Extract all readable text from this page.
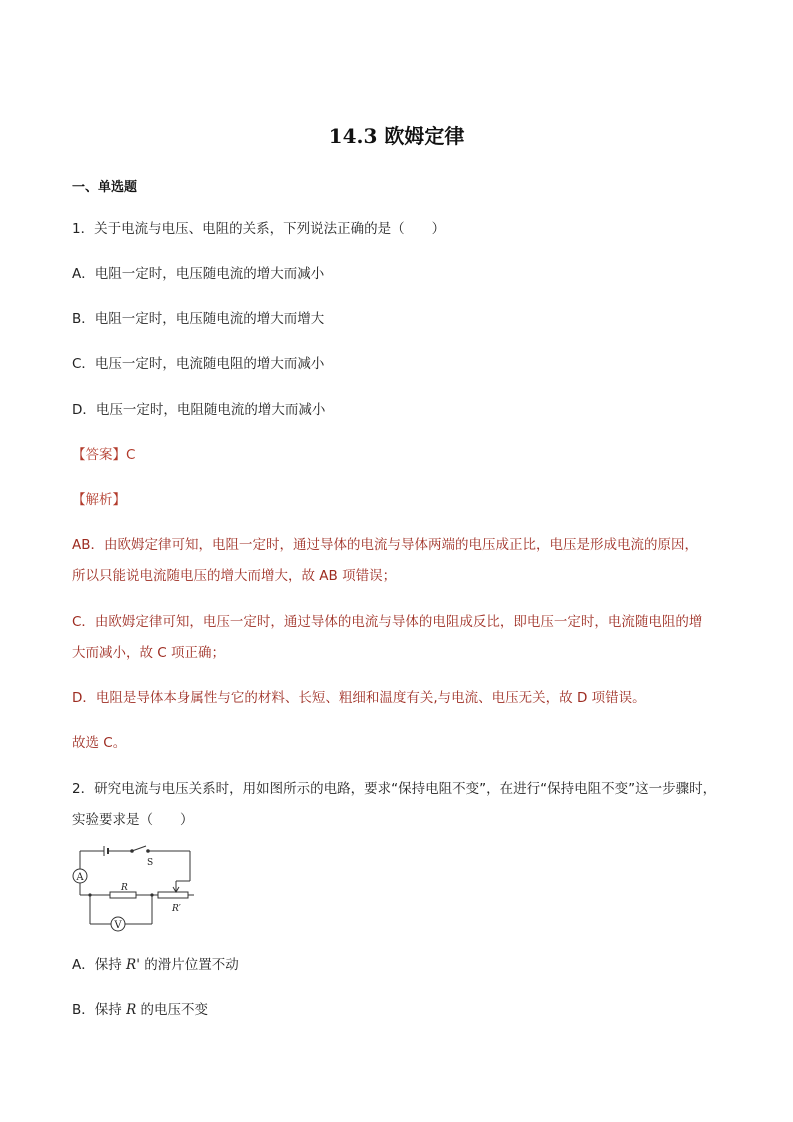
14.3 欧姆定律
一、单选题
1．关于电流与电压、电阻的关系，下列说法正确的是（　　）
A．电阻一定时，电压随电流的增大而减小
B．电阻一定时，电压随电流的增大而增大
C．电压一定时，电流随电阻的增大而减小
D．电压一定时，电阻随电流的增大而减小
【答案】C
【解析】
AB．由欧姆定律可知，电阻一定时，通过导体的电流与导体两端的电压成正比，电压是形成电流的原因，
所以只能说电流随电压的增大而增大，故 AB 项错误；
C．由欧姆定律可知，电压一定时，通过导体的电流与导体的电阻成反比，即电压一定时，电流随电阻的增
大而减小，故 C 项正确；
D．电阻是导体本身属性与它的材料、长短、粗细和温度有关,与电流、电压无关，故 D 项错误。
故选 C。
2．研究电流与电压关系时，用如图所示的电路，要求“保持电阻不变”，在进行“保持电阻不变”这一步骤时，
实验要求是（　　）
A
V
S
R
R′
A．保持 R' 的滑片位置不动
B．保持 R 的电压不变
